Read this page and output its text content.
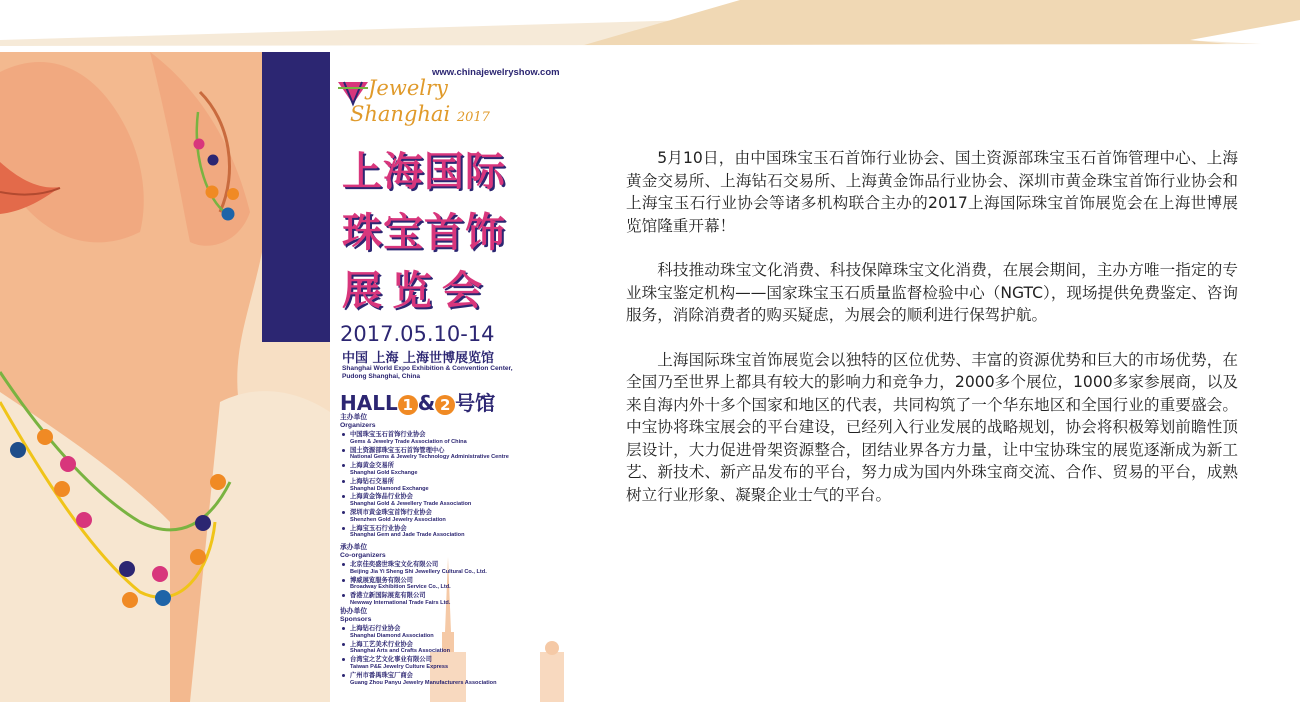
www.chinajewelryshow.com
Jewelry
Shanghai 2017
上海国际
珠宝首饰
展览会
2017.05.10-14
中国 上海 上海世博展览馆
Shanghai World Expo Exhibition & Convention Center, Pudong Shanghai, China
HALL 1 & 2 号馆
主办单位
Organizers
中国珠宝玉石首饰行业协会
Gems & Jewelry Trade Association of China
国土资源部珠宝玉石首饰管理中心
National Gems & Jewelry Technology Administrative Centre
上海黄金交易所
Shanghai Gold Exchange
上海钻石交易所
Shanghai Diamond Exchange
上海黄金饰品行业协会
Shanghai Gold & Jewellery Trade Association
深圳市黄金珠宝首饰行业协会
Shenzhen Gold Jewelry Association
上海宝玉石行业协会
Shanghai Gem and Jade Trade Association
承办单位
Co-organizers
北京佳奕盛世珠宝文化有限公司
Beijing Jia Yi Sheng Shi Jewellery Cultural Co., Ltd.
博威展览服务有限公司
Broadway Exhibition Service Co., Ltd.
香港立新国际展览有限公司
Newway International Trade Fairs Ltd.
协办单位
Sponsors
上海钻石行业协会
Shanghai Diamond Association
上海工艺美术行业协会
Shanghai Arts and Crafts Association
台湾宝之艺文化事业有限公司
Taiwan P&E Jewelry Culture Express
广州市番禺珠宝厂商会
Guang Zhou Panyu Jewelry Manufacturers Association

5月10日，由中国珠宝玉石首饰行业协会、国土资源部珠宝玉石首饰管理中心、上海黄金交易所、上海钻石交易所、上海黄金饰品行业协会、深圳市黄金珠宝首饰行业协会和上海宝玉石行业协会等诸多机构联合主办的2017上海国际珠宝首饰展览会在上海世博展览馆隆重开幕！

科技推动珠宝文化消费、科技保障珠宝文化消费，在展会期间，主办方唯一指定的专业珠宝鉴定机构——国家珠宝玉石质量监督检验中心（NGTC），现场提供免费鉴定、咨询服务，消除消费者的购买疑虑，为展会的顺利进行保驾护航。

上海国际珠宝首饰展览会以独特的区位优势、丰富的资源优势和巨大的市场优势，在全国乃至世界上都具有较大的影响力和竞争力，2000多个展位，1000多家参展商，以及来自海内外十多个国家和地区的代表，共同构筑了一个华东地区和全国行业的重要盛会。中宝协将珠宝展会的平台建设，已经列入行业发展的战略规划，协会将积极筹划前瞻性顶层设计，大力促进骨架资源整合，团结业界各方力量，让中宝协珠宝的展览逐渐成为新工艺、新技术、新产品发布的平台，努力成为国内外珠宝商交流、合作、贸易的平台，成熟树立行业形象、凝聚企业士气的平台。
